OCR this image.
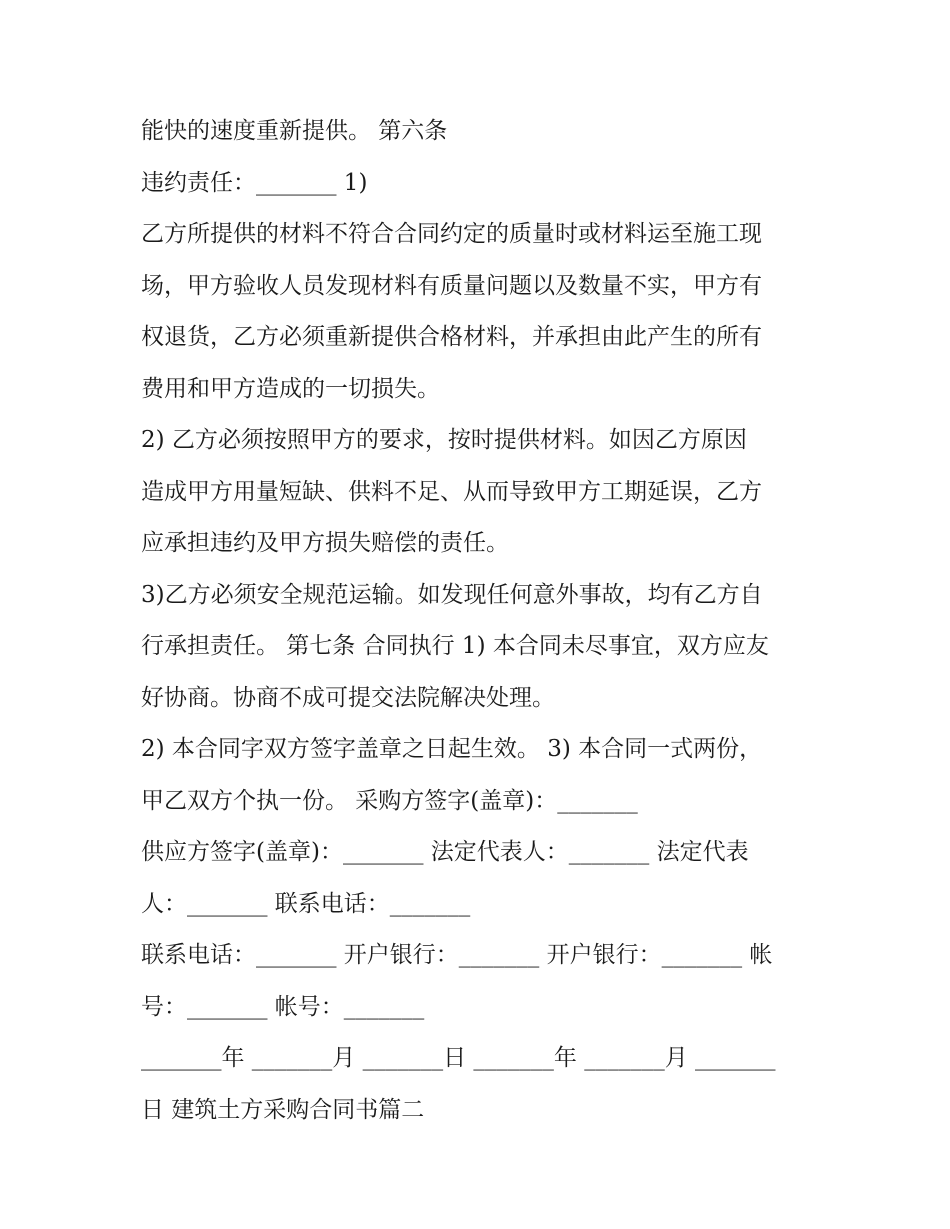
能快的速度重新提供。 第六条
违约责任：_______ 1)
乙方所提供的材料不符合合同约定的质量时或材料运至施工现
场，甲方验收人员发现材料有质量问题以及数量不实，甲方有
权退货，乙方必须重新提供合格材料，并承担由此产生的所有
费用和甲方造成的一切损失。
2) 乙方必须按照甲方的要求，按时提供材料。如因乙方原因
造成甲方用量短缺、供料不足、从而导致甲方工期延误，乙方
应承担违约及甲方损失赔偿的责任。
3)乙方必须安全规范运输。如发现任何意外事故，均有乙方自
行承担责任。 第七条 合同执行 1) 本合同未尽事宜，双方应友
好协商。协商不成可提交法院解决处理。
2) 本合同字双方签字盖章之日起生效。 3) 本合同一式两份，
甲乙双方个执一份。 采购方签字(盖章)：_______
供应方签字(盖章)：_______ 法定代表人：_______ 法定代表
人：_______ 联系电话：_______
联系电话：_______ 开户银行：_______ 开户银行：_______ 帐
号：_______ 帐号：_______
_______年 _______月 _______日 _______年 _______月 _______
日 建筑土方采购合同书篇二
